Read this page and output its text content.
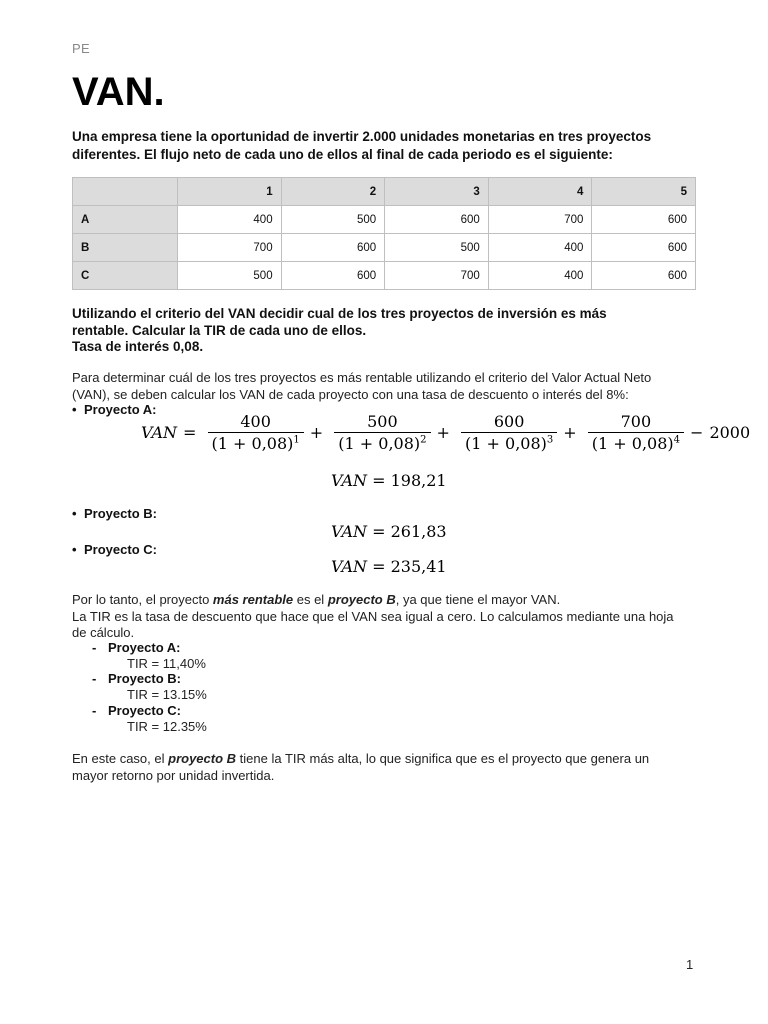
PE
VAN.

Una empresa tiene la oportunidad de invertir 2.000 unidades monetarias en tres proyectos diferentes. El flujo neto de cada uno de ellos al final de cada periodo es el siguiente:

	1	2	3	4	5
A	400	500	600	700	600
B	700	600	500	400	600
C	500	600	700	400	600

Utilizando el criterio del VAN decidir cual de los tres proyectos de inversión es más
rentable. Calcular la TIR de cada uno de ellos.
Tasa de interés 0,08.

Para determinar cuál de los tres proyectos es más rentable utilizando el criterio del Valor Actual Neto
(VAN), se deben calcular los VAN de cada proyecto con una tasa de descuento o interés del 8%:

• Proyecto A:
VAN = $\frac{400}{(1 + 0,08)^1} + \frac{500}{(1 + 0,08)^2} + \frac{600}{(1 + 0,08)^3} + \frac{700}{(1 + 0,08)^4} - 2000$
VAN = 198,21
• Proyecto B:
VAN = 261,83
• Proyecto C:
VAN = 235,41

Por lo tanto, el proyecto más rentable es el proyecto B, ya que tiene el mayor VAN.
La TIR es la tasa de descuento que hace que el VAN sea igual a cero. Lo calculamos mediante una hoja
de cálculo.

- Proyecto A:
TIR = 11,40%
- Proyecto B:
TIR = 13.15%
- Proyecto C:
TIR = 12.35%

En este caso, el proyecto B tiene la TIR más alta, lo que significa que es el proyecto que genera un
mayor retorno por unidad invertida.

1
